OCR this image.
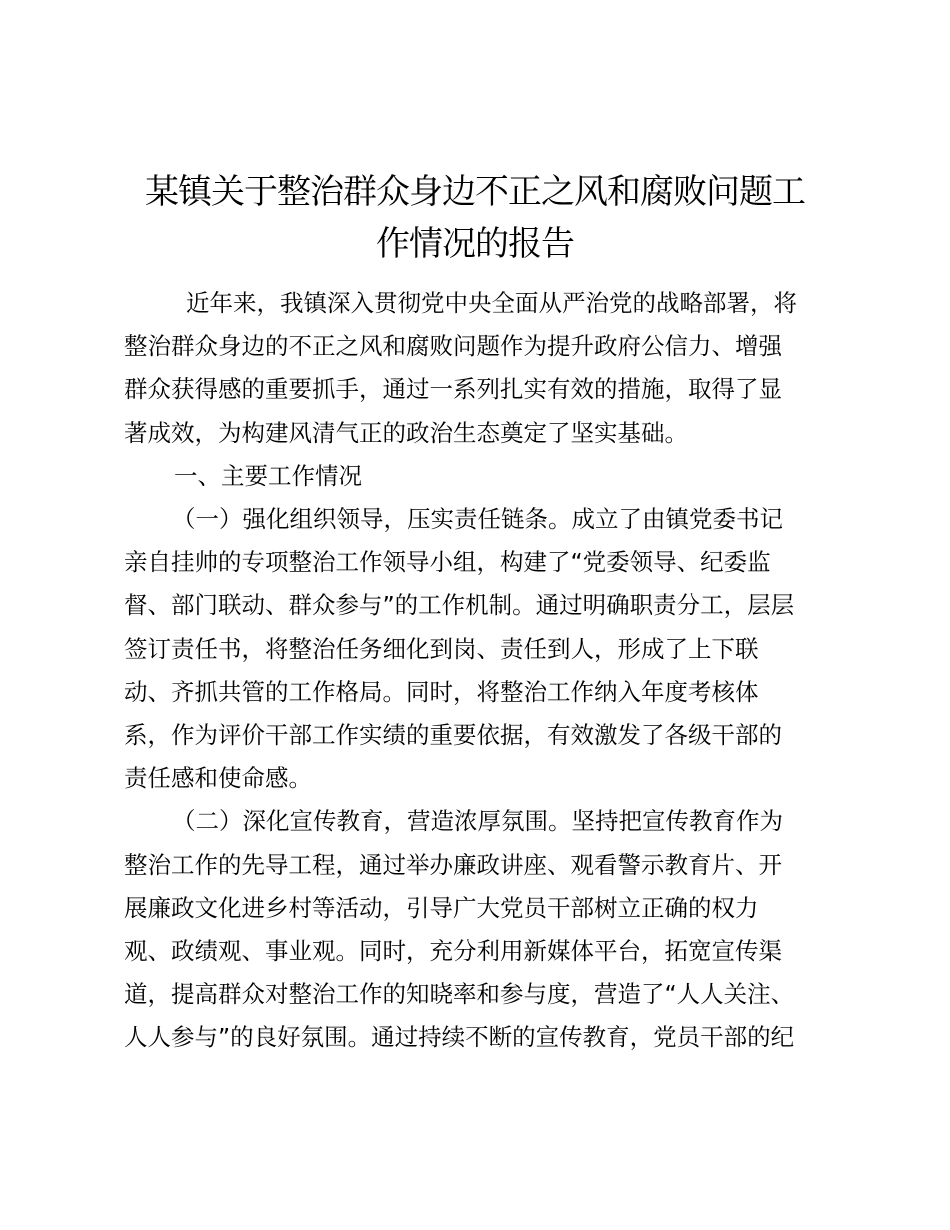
某镇关于整治群众身边不正之风和腐败问题工
作情况的报告
近年来，我镇深入贯彻党中央全面从严治党的战略部署，将
整治群众身边的不正之风和腐败问题作为提升政府公信力、增强
群众获得感的重要抓手，通过一系列扎实有效的措施，取得了显
著成效，为构建风清气正的政治生态奠定了坚实基础。
一、主要工作情况
（一）强化组织领导，压实责任链条。成立了由镇党委书记
亲自挂帅的专项整治工作领导小组，构建了“党委领导、纪委监
督、部门联动、群众参与”的工作机制。通过明确职责分工，层层
签订责任书，将整治任务细化到岗、责任到人，形成了上下联
动、齐抓共管的工作格局。同时，将整治工作纳入年度考核体
系，作为评价干部工作实绩的重要依据，有效激发了各级干部的
责任感和使命感。
（二）深化宣传教育，营造浓厚氛围。坚持把宣传教育作为
整治工作的先导工程，通过举办廉政讲座、观看警示教育片、开
展廉政文化进乡村等活动，引导广大党员干部树立正确的权力
观、政绩观、事业观。同时，充分利用新媒体平台，拓宽宣传渠
道，提高群众对整治工作的知晓率和参与度，营造了“人人关注、
人人参与”的良好氛围。通过持续不断的宣传教育，党员干部的纪
